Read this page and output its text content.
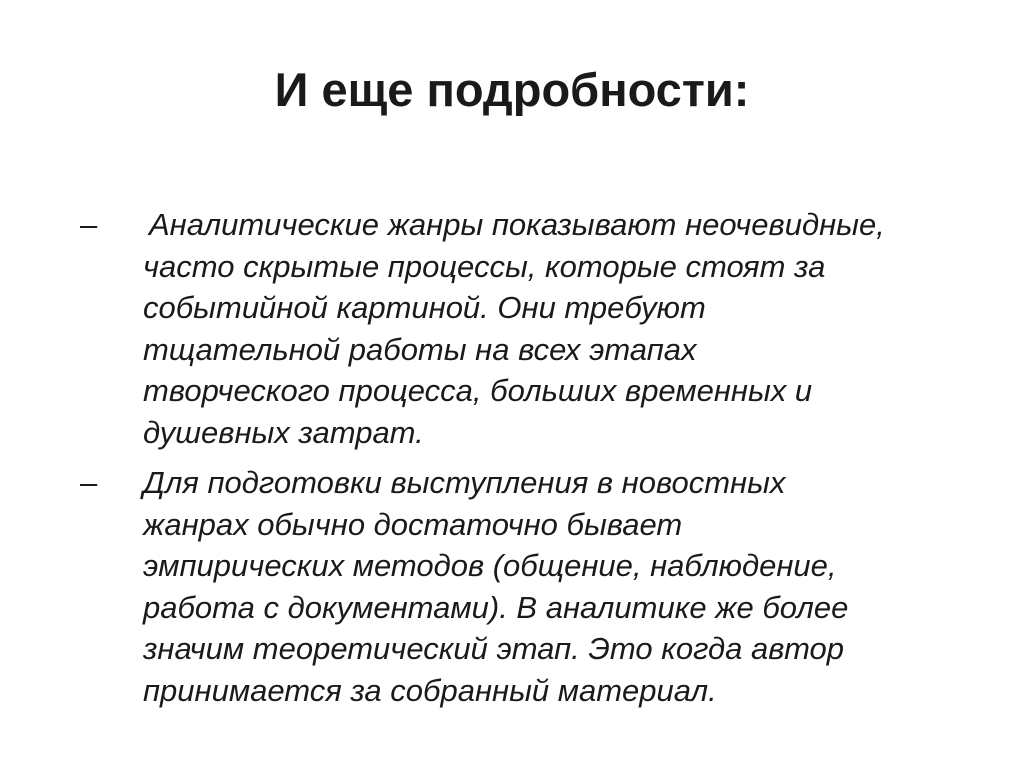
И еще подробности:
– Аналитические жанры показывают неочевидные,
часто скрытые процессы, которые стоят за
событийной картиной. Они требуют
тщательной работы на всех этапах
творческого процесса, больших временных и
душевных затрат.
– Для подготовки выступления в новостных
жанрах обычно достаточно бывает
эмпирических методов (общение, наблюдение,
работа с документами). В аналитике же более
значим теоретический этап. Это когда автор
принимается за собранный материал.
